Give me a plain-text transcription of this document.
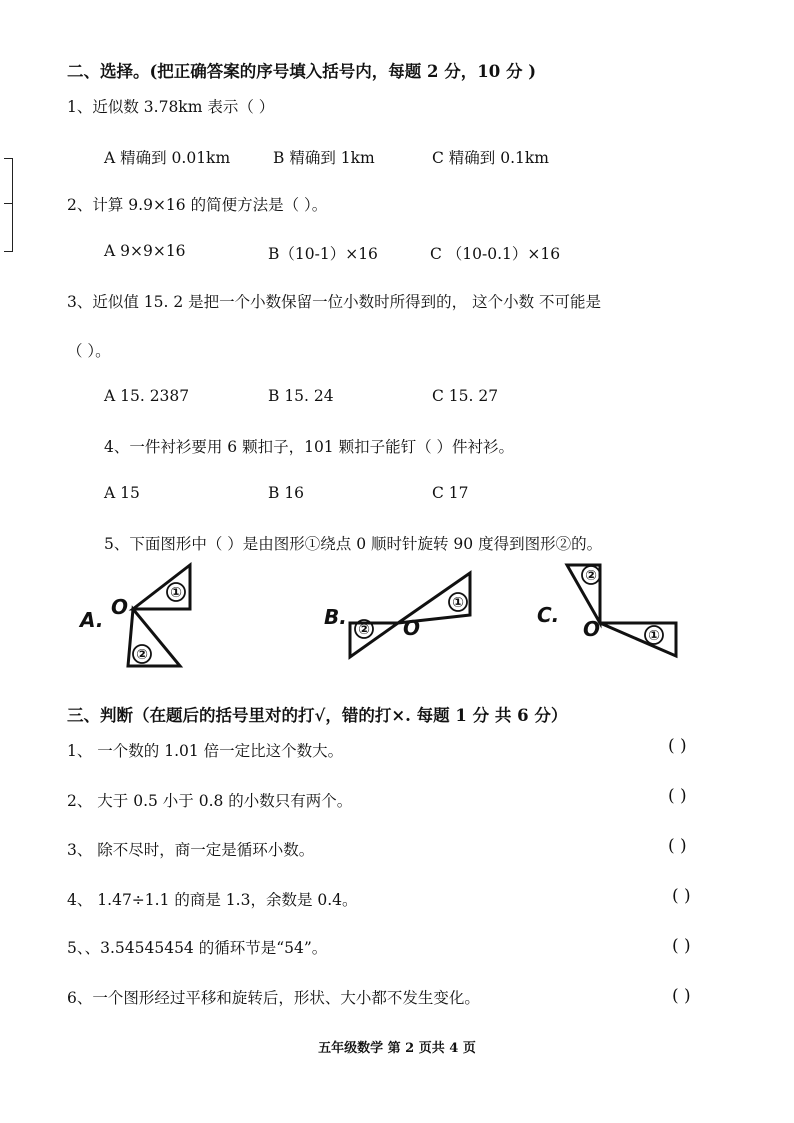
二、选择。(把正确答案的序号填入括号内，每题 2 分，10 分 )
1、近似数 3.78km 表示（ ）
A 精确到 0.01km	B 精确到 1km	C 精确到 0.1km
2、计算 9.9×16 的简便方法是（ ）。
A 9×9×16	B（10-1）×16	C （10-0.1）×16
3、近似值 15. 2 是把一个小数保留一位小数时所得到的， 这个小数 不可能是
（ ）。
A 15. 2387	B 15. 24	C 15. 27
4、一件衬衫要用 6 颗扣子，101 颗扣子能钉（ ）件衬衫。
A 15	B 16	C 17
5、下面图形中（ ）是由图形①绕点 0 顺时针旋转 90 度得到图形②的。
①
②
①
②
②
①
A.	B.	C.
O
O	O
三、判断（在题后的括号里对的打√，错的打×. 每题 1 分 共 6 分）
1、 一个数的 1.01 倍一定比这个数大。	( )
2、 大于 0.5 小于 0.8 的小数只有两个。	( )
3、 除不尽时，商一定是循环小数。	( )
4、 1.47÷1.1 的商是 1.3，余数是 0.4。	( )
5、、3.54545454 的循环节是“54”。	( )
6、一个图形经过平移和旋转后，形状、大小都不发生变化。	( )
五年级数学 第 2 页共 4 页
